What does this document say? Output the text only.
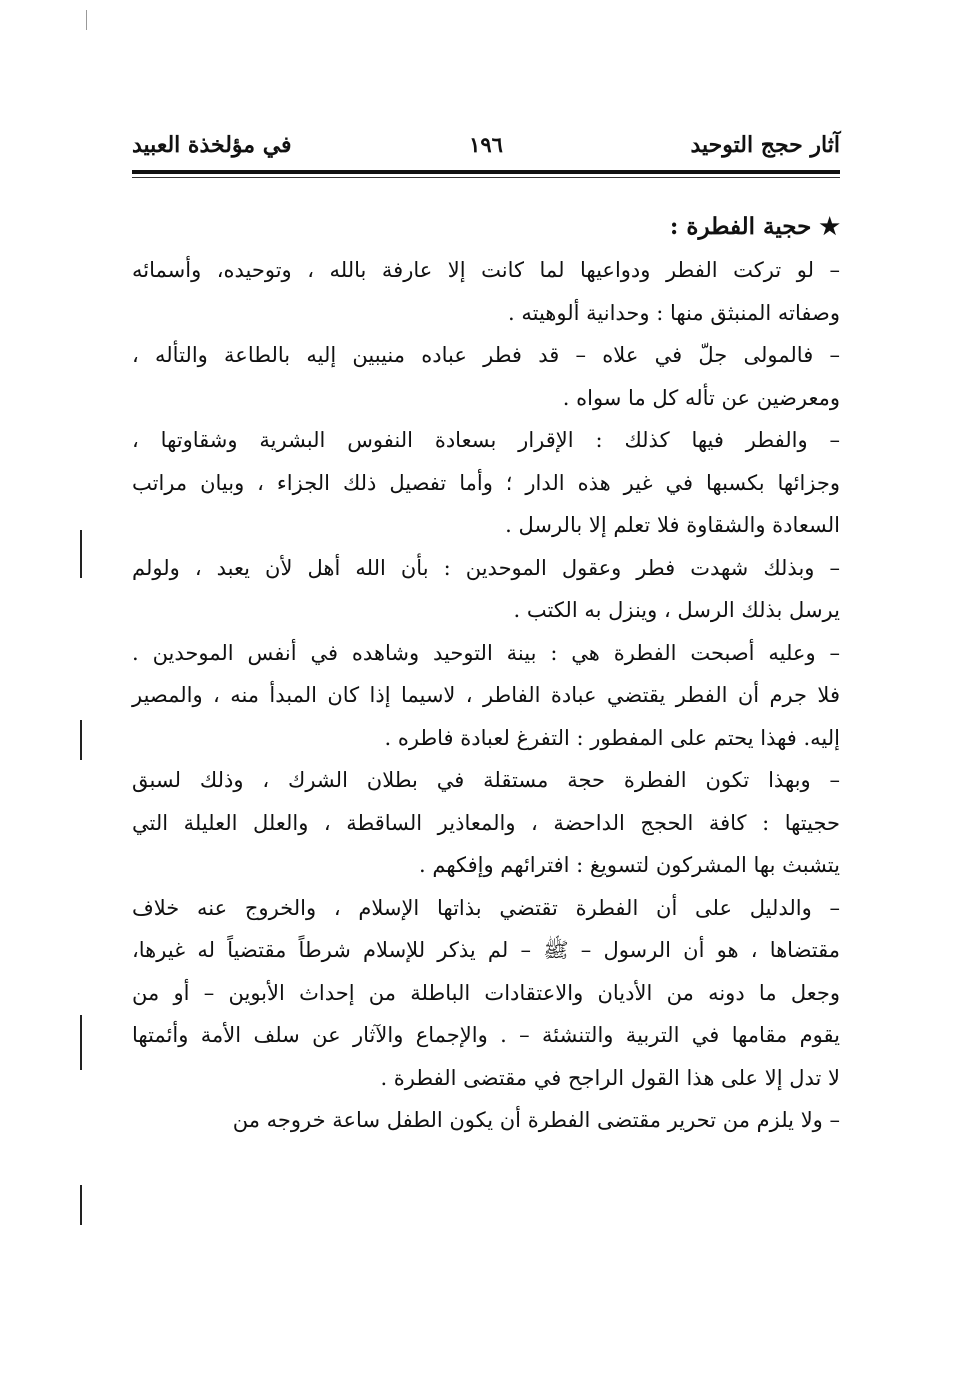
آثار حجج التوحيد
١٩٦
في مؤلخذة العبيد
★ حجية الفطرة :

– لو تركت الفطر ودواعيها لما كانت إلا عارفة بالله ، وتوحيده، وأسمائه
وصفاته المنبثق منها : وحدانية ألوهيته .

– فالمولى جلّ في علاه – قد فطر عباده منيبين إليه بالطاعة والتأله ،
ومعرضين عن تأله كل ما سواه .

– والفطر فيها كذلك : الإقرار بسعادة النفوس البشرية وشقاوتها ،
وجزائها بكسبها في غير هذه الدار ؛ وأما تفصيل ذلك الجزاء ، وبيان مراتب
السعادة والشقاوة فلا تعلم إلا بالرسل .

– وبذلك شهدت فطر وعقول الموحدين : بأن الله أهل لأن يعبد ، ولولم
يرسل بذلك الرسل ، وينزل به الكتب .

– وعليه أصبحت الفطرة هي : بينة التوحيد وشاهده في أنفس الموحدين .
فلا جرم أن الفطر يقتضي عبادة الفاطر ، لاسيما إذا كان المبدأ منه ، والمصير
إليه. فهذا يحتم على المفطور : التفرغ لعبادة فاطره .

– وبهذا تكون الفطرة حجة مستقلة في بطلان الشرك ، وذلك لسبق
حجيتها : كافة الحجج الداحضة ، والمعاذير الساقطة ، والعلل العليلة التي
يتشبث بها المشركون لتسويغ : افترائهم وإفكهم .

– والدليل على أن الفطرة تقتضي بذاتها الإسلام ، والخروج عنه خلاف
مقتضاها ، هو أن الرسول – ﷺ – لم يذكر للإسلام شرطاً مقتضياً له غيرها،
وجعل ما دونه من الأديان والاعتقادات الباطلة من إحداث الأبوين – أو من
يقوم مقامها في التربية والتنشئة – . والإجماع والآثار عن سلف الأمة وأئمتها
لا تدل إلا على هذا القول الراجح في مقتضى الفطرة .

– ولا يلزم من تحرير مقتضى الفطرة أن يكون الطفل ساعة خروجه من
